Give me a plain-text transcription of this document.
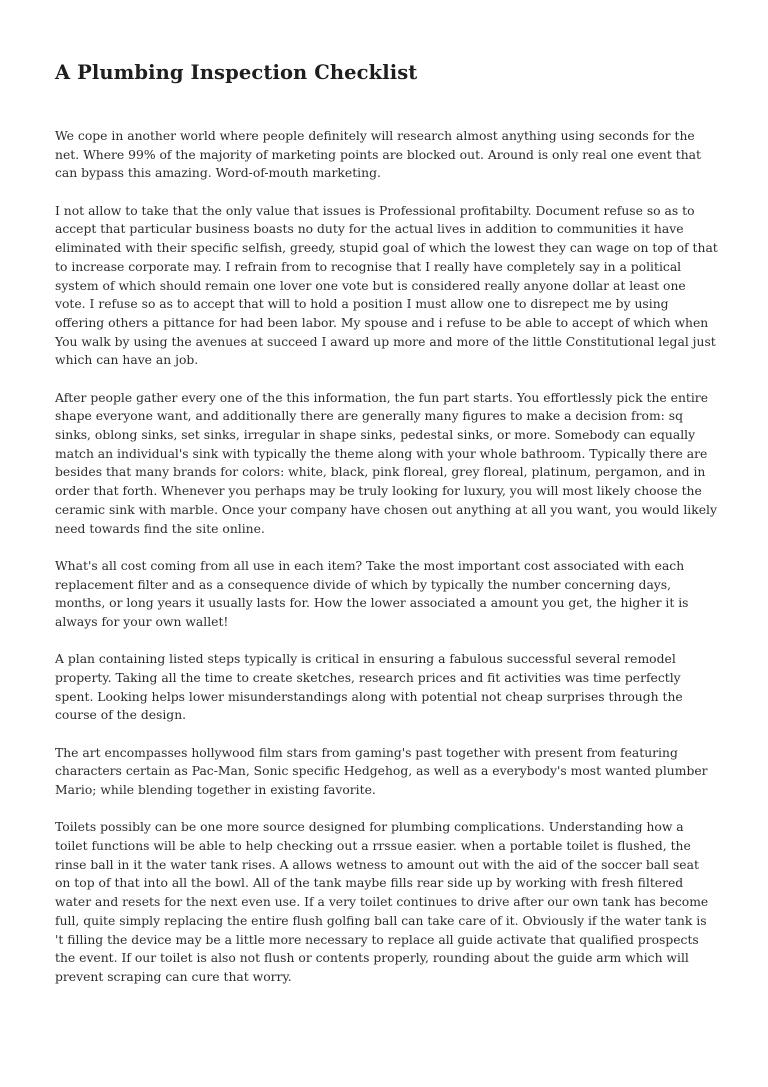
A Plumbing Inspection Checklist

We cope in another world where people definitely will research almost anything using seconds for the net. Where 99% of the majority of marketing points are blocked out. Around is only real one event that can bypass this amazing. Word-of-mouth marketing.

I not allow to take that the only value that issues is Professional profitabilty. Document refuse so as to accept that particular business boasts no duty for the actual lives in addition to communities it have eliminated with their specific selfish, greedy, stupid goal of which the lowest they can wage on top of that to increase corporate may. I refrain from to recognise that I really have completely say in a political system of which should remain one lover one vote but is considered really anyone dollar at least one vote. I refuse so as to accept that will to hold a position I must allow one to disrepect me by using offering others a pittance for had been labor. My spouse and i refuse to be able to accept of which when You walk by using the avenues at succeed I award up more and more of the little Constitutional legal just which can have an job.

After people gather every one of the this information, the fun part starts. You effortlessly pick the entire shape everyone want, and additionally there are generally many figures to make a decision from: sq sinks, oblong sinks, set sinks, irregular in shape sinks, pedestal sinks, or more. Somebody can equally match an individual's sink with typically the theme along with your whole bathroom. Typically there are besides that many brands for colors: white, black, pink floreal, grey floreal, platinum, pergamon, and in order that forth. Whenever you perhaps may be truly looking for luxury, you will most likely choose the ceramic sink with marble. Once your company have chosen out anything at all you want, you would likely need towards find the site online.

What's all cost coming from all use in each item? Take the most important cost associated with each replacement filter and as a consequence divide of which by typically the number concerning days, months, or long years it usually lasts for. How the lower associated a amount you get, the higher it is always for your own wallet!

A plan containing listed steps typically is critical in ensuring a fabulous successful several remodel property. Taking all the time to create sketches, research prices and fit activities was time perfectly spent. Looking helps lower misunderstandings along with potential not cheap surprises through the course of the design.

The art encompasses hollywood film stars from gaming's past together with present from featuring characters certain as Pac-Man, Sonic specific Hedgehog, as well as a everybody's most wanted plumber Mario; while blending together in existing favorite.

Toilets possibly can be one more source designed for plumbing complications. Understanding how a toilet functions will be able to help checking out a rrssue easier. when a portable toilet is flushed, the rinse ball in it the water tank rises. A allows wetness to amount out with the aid of the soccer ball seat on top of that into all the bowl. All of the tank maybe fills rear side up by working with fresh filtered water and resets for the next even use. If a very toilet continues to drive after our own tank has become full, quite simply replacing the entire flush golfing ball can take care of it. Obviously if the water tank is 't filling the device may be a little more necessary to replace all guide activate that qualified prospects the event. If our toilet is also not flush or contents properly, rounding about the guide arm which will prevent scraping can cure that worry.
